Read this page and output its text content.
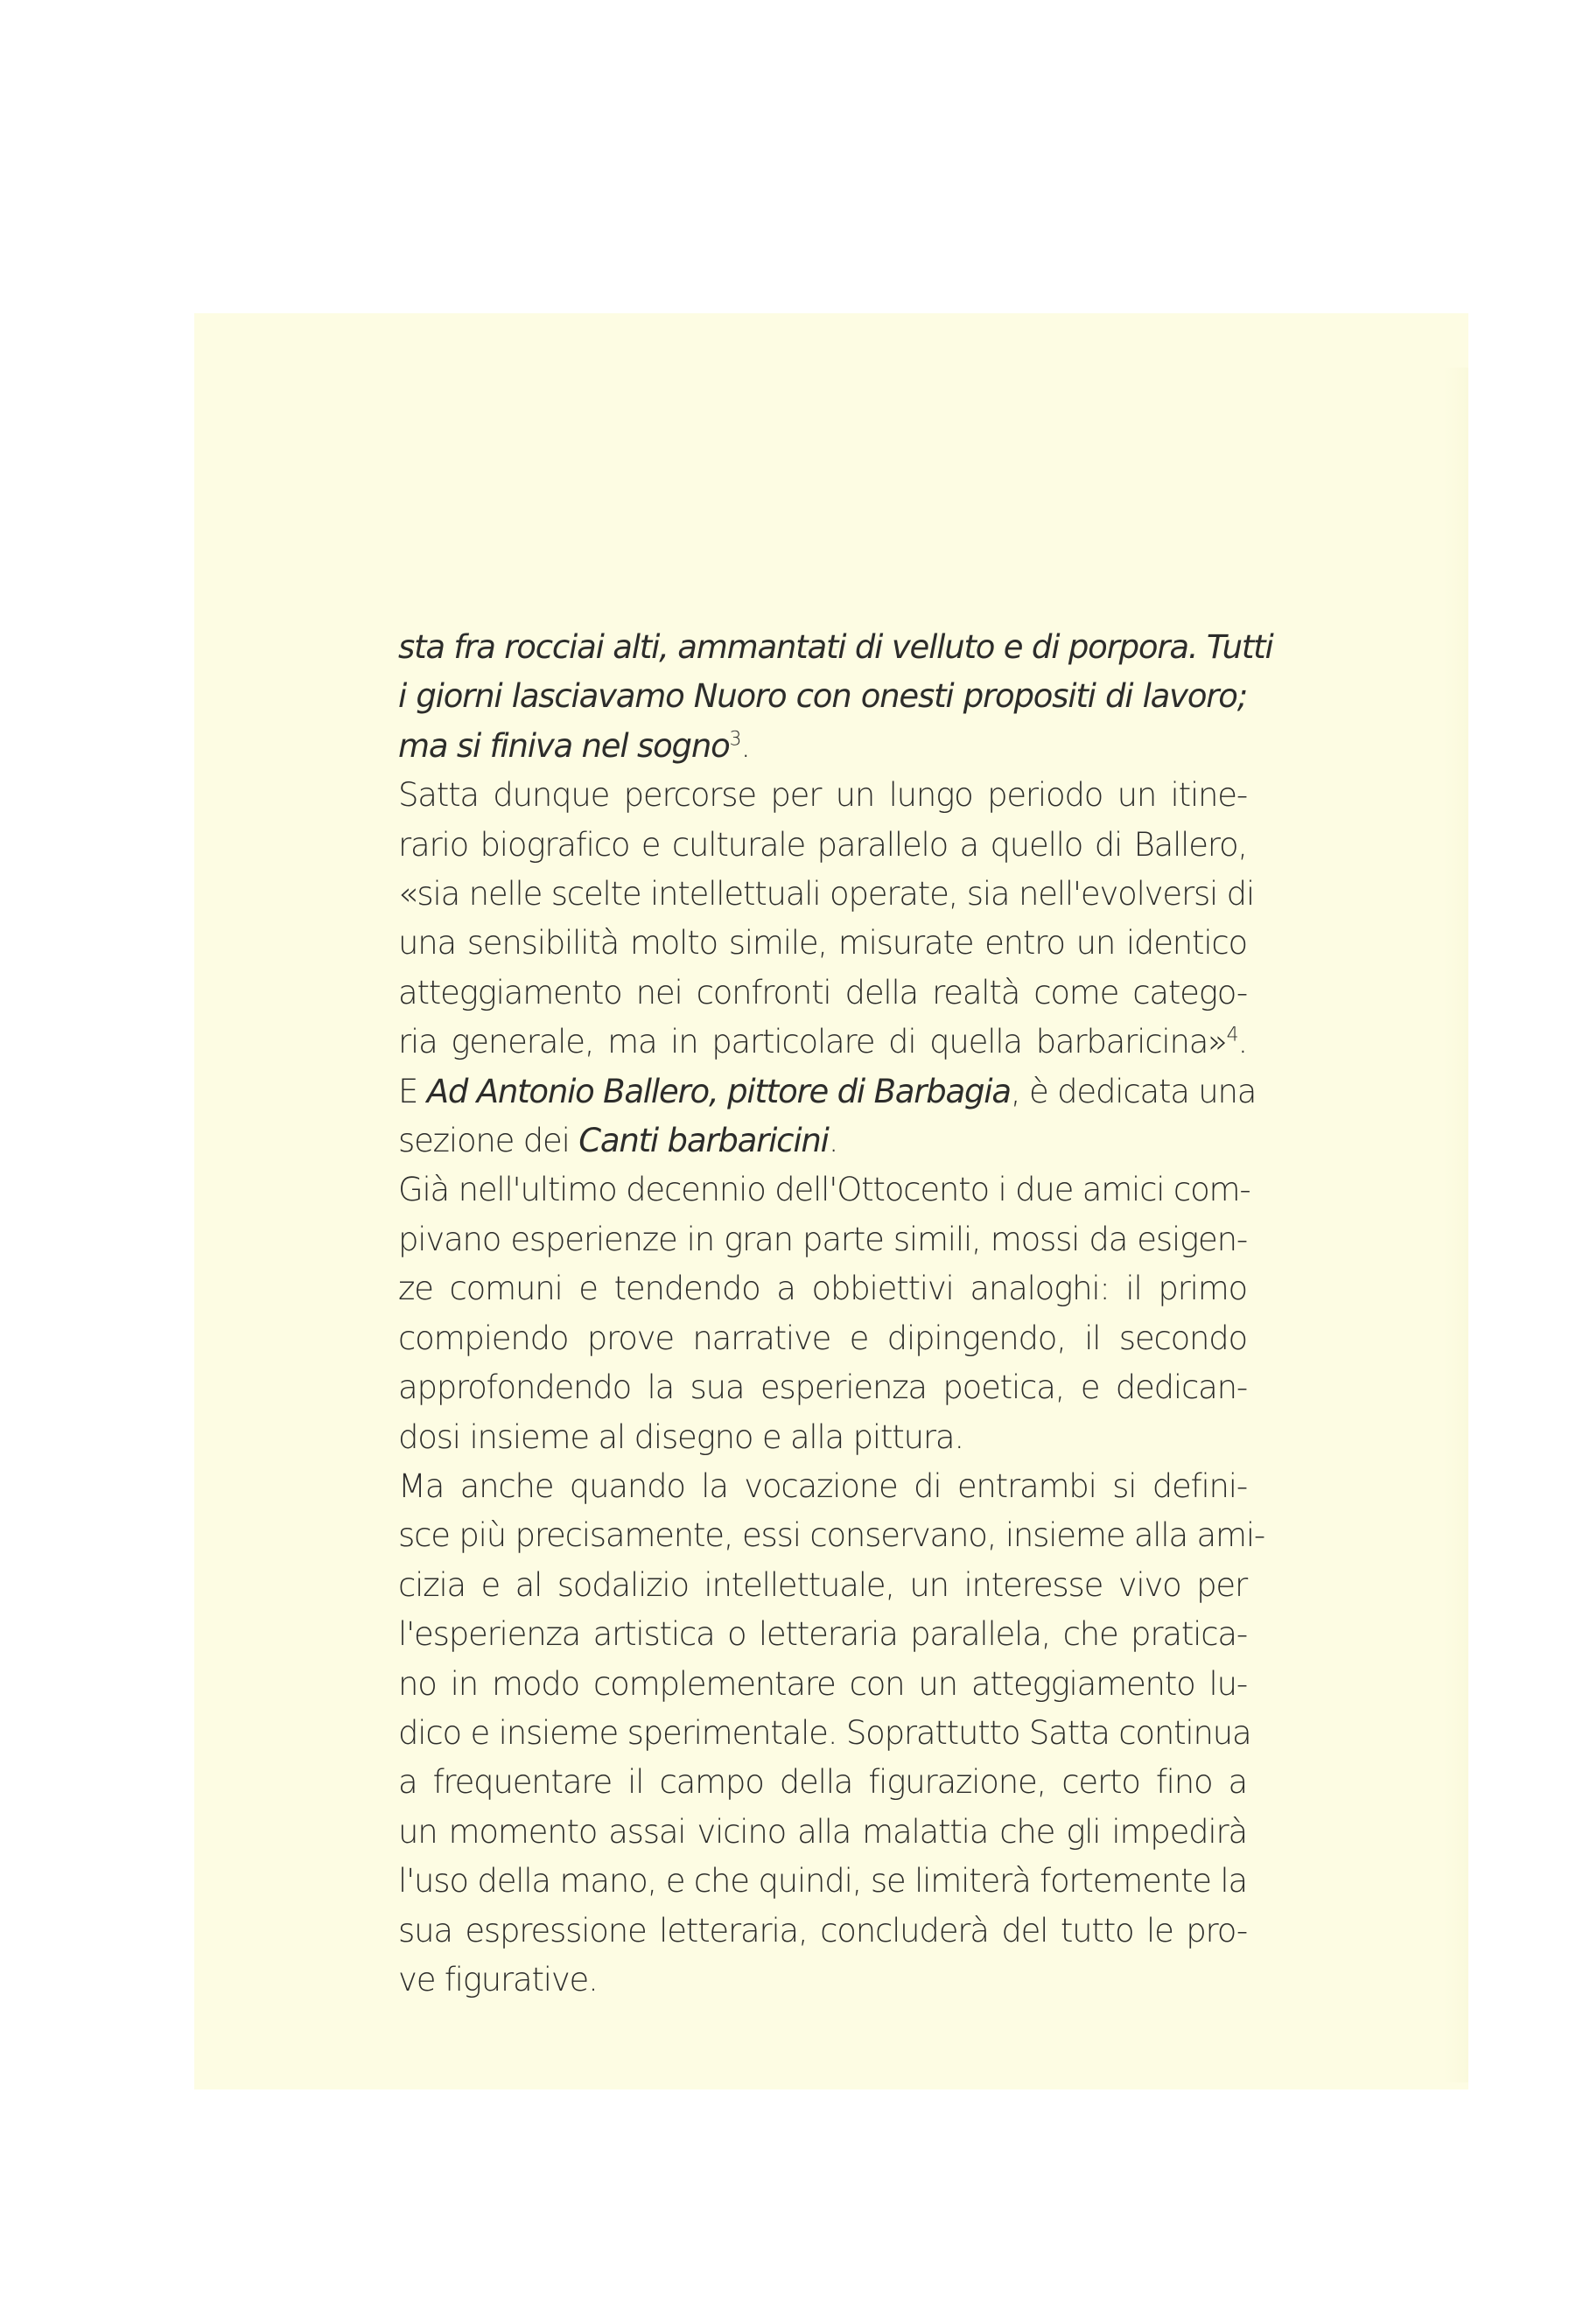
sta fra rocciai alti, ammantati di velluto e di porpora. Tutti
i giorni lasciavamo Nuoro con onesti propositi di lavoro;
ma si finiva nel sogno$^3$.
Satta dunque percorse per un lungo periodo un itine-
rario biografico e culturale parallelo a quello di Ballero,
«sia nelle scelte intellettuali operate, sia nell'evolversi di
una sensibilità molto simile, misurate entro un identico
atteggiamento nei confronti della realtà come catego-
ria generale, ma in particolare di quella barbaricina»$^4$.
E Ad Antonio Ballero, pittore di Barbagia, è dedicata una
sezione dei Canti barbaricini.
Già nell'ultimo decennio dell'Ottocento i due amici com-
pivano esperienze in gran parte simili, mossi da esigen-
ze comuni e tendendo a obbiettivi analoghi: il primo
compiendo prove narrative e dipingendo, il secondo
approfondendo la sua esperienza poetica, e dedican-
dosi insieme al disegno e alla pittura.
Ma anche quando la vocazione di entrambi si defini-
sce più precisamente, essi conservano, insieme alla ami-
cizia e al sodalizio intellettuale, un interesse vivo per
l'esperienza artistica o letteraria parallela, che pratica-
no in modo complementare con un atteggiamento lu-
dico e insieme sperimentale. Soprattutto Satta continua
a frequentare il campo della figurazione, certo fino a
un momento assai vicino alla malattia che gli impedirà
l'uso della mano, e che quindi, se limiterà fortemente la
sua espressione letteraria, concluderà del tutto le pro-
ve figurative.
